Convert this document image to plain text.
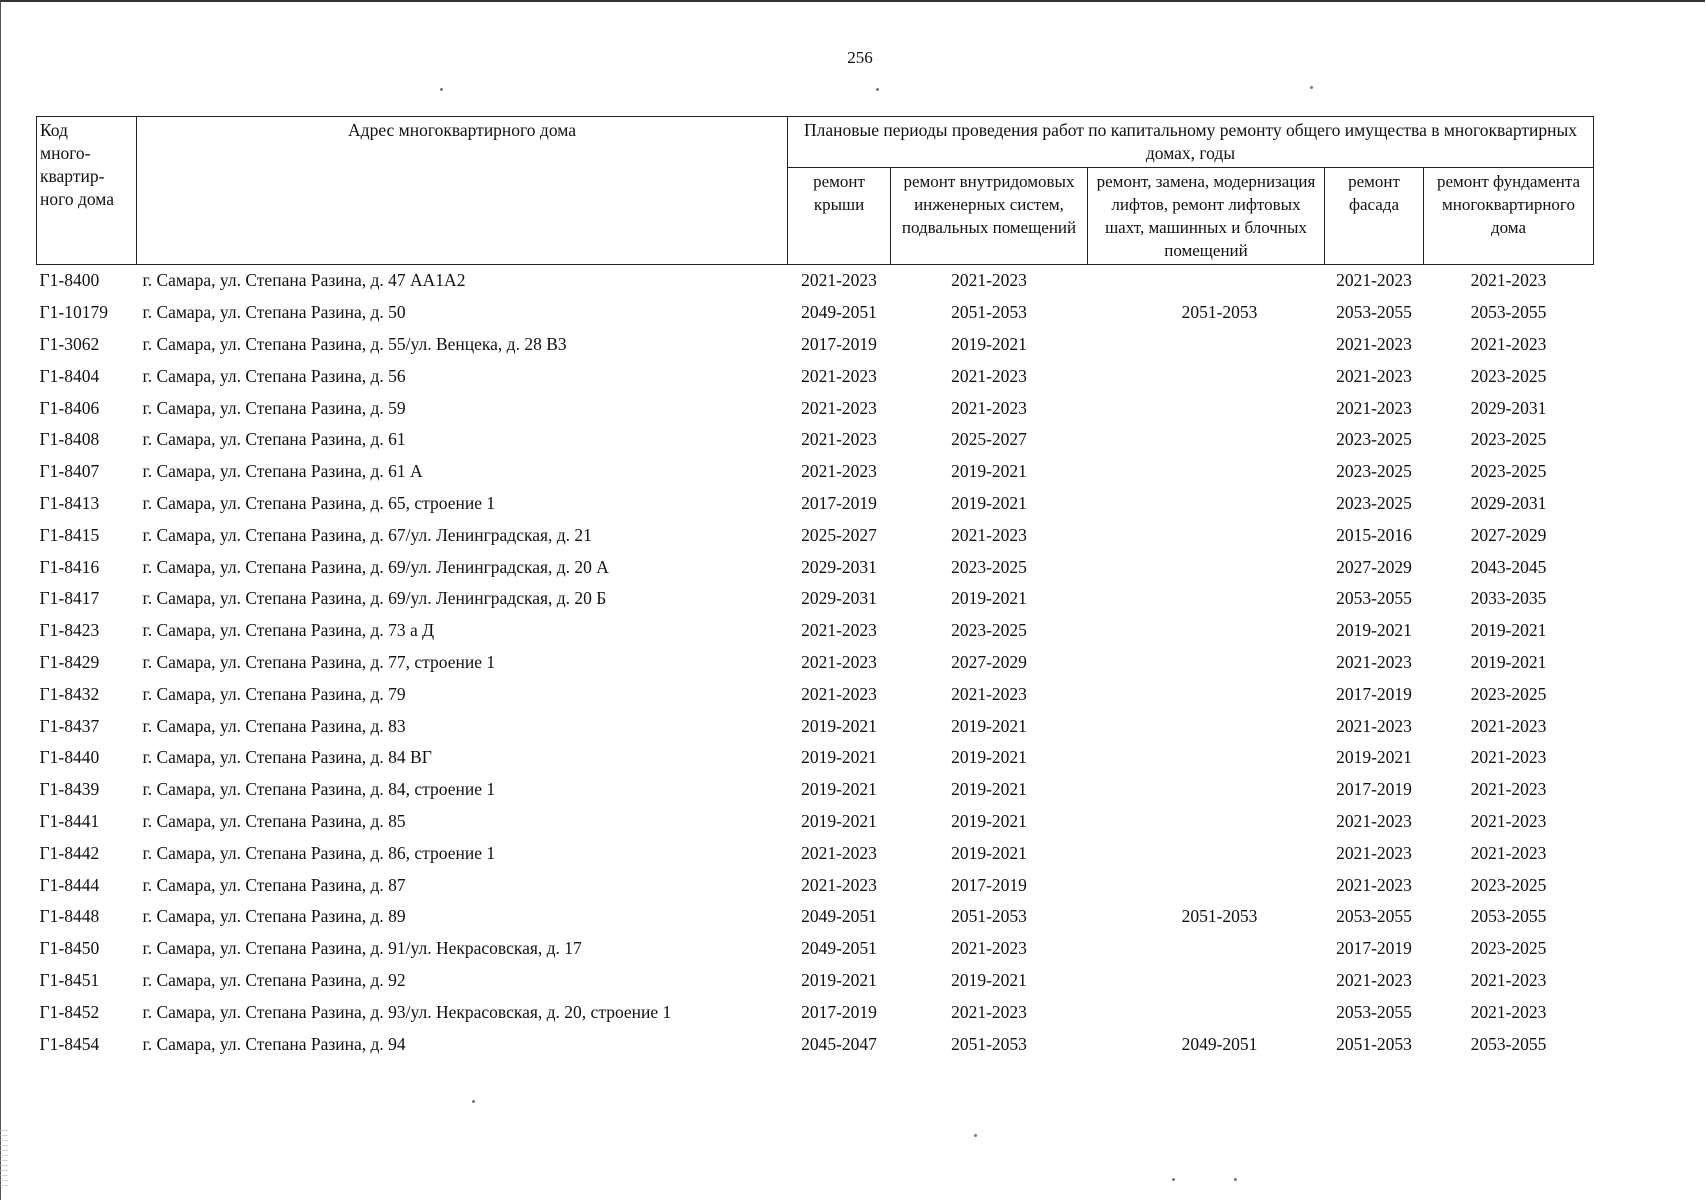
256
Код много-квартир-ного дома	Адрес многоквартирного дома	Плановые периоды проведения работ по капитальному ремонту общего имущества в многоквартирных домах, годы				

		ремонт крыши	ремонт внутридомовых инженерных систем, подвальных помещений	ремонт, замена, модернизация лифтов, ремонт лифтовых шахт, машинных и блочных помещений	ремонт фасада	ремонт фундамента многоквартирного дома
Г1-8400	г. Самара, ул. Степана Разина, д. 47 АА1А2	2021-2023	2021-2023		2021-2023	2021-2023
Г1-10179	г. Самара, ул. Степана Разина, д. 50	2049-2051	2051-2053	2051-2053	2053-2055	2053-2055
Г1-3062	г. Самара, ул. Степана Разина, д. 55/ул. Венцека, д. 28 В3	2017-2019	2019-2021		2021-2023	2021-2023
Г1-8404	г. Самара, ул. Степана Разина, д. 56	2021-2023	2021-2023		2021-2023	2023-2025
Г1-8406	г. Самара, ул. Степана Разина, д. 59	2021-2023	2021-2023		2021-2023	2029-2031
Г1-8408	г. Самара, ул. Степана Разина, д. 61	2021-2023	2025-2027		2023-2025	2023-2025
Г1-8407	г. Самара, ул. Степана Разина, д. 61 А	2021-2023	2019-2021		2023-2025	2023-2025
Г1-8413	г. Самара, ул. Степана Разина, д. 65, строение 1	2017-2019	2019-2021		2023-2025	2029-2031
Г1-8415	г. Самара, ул. Степана Разина, д. 67/ул. Ленинградская, д. 21	2025-2027	2021-2023		2015-2016	2027-2029
Г1-8416	г. Самара, ул. Степана Разина, д. 69/ул. Ленинградская, д. 20 А	2029-2031	2023-2025		2027-2029	2043-2045
Г1-8417	г. Самара, ул. Степана Разина, д. 69/ул. Ленинградская, д. 20 Б	2029-2031	2019-2021		2053-2055	2033-2035
Г1-8423	г. Самара, ул. Степана Разина, д. 73 а Д	2021-2023	2023-2025		2019-2021	2019-2021
Г1-8429	г. Самара, ул. Степана Разина, д. 77, строение 1	2021-2023	2027-2029		2021-2023	2019-2021
Г1-8432	г. Самара, ул. Степана Разина, д. 79	2021-2023	2021-2023		2017-2019	2023-2025
Г1-8437	г. Самара, ул. Степана Разина, д. 83	2019-2021	2019-2021		2021-2023	2021-2023
Г1-8440	г. Самара, ул. Степана Разина, д. 84 ВГ	2019-2021	2019-2021		2019-2021	2021-2023
Г1-8439	г. Самара, ул. Степана Разина, д. 84, строение 1	2019-2021	2019-2021		2017-2019	2021-2023
Г1-8441	г. Самара, ул. Степана Разина, д. 85	2019-2021	2019-2021		2021-2023	2021-2023
Г1-8442	г. Самара, ул. Степана Разина, д. 86, строение 1	2021-2023	2019-2021		2021-2023	2021-2023
Г1-8444	г. Самара, ул. Степана Разина, д. 87	2021-2023	2017-2019		2021-2023	2023-2025
Г1-8448	г. Самара, ул. Степана Разина, д. 89	2049-2051	2051-2053	2051-2053	2053-2055	2053-2055
Г1-8450	г. Самара, ул. Степана Разина, д. 91/ул. Некрасовская, д. 17	2049-2051	2021-2023		2017-2019	2023-2025
Г1-8451	г. Самара, ул. Степана Разина, д. 92	2019-2021	2019-2021		2021-2023	2021-2023
Г1-8452	г. Самара, ул. Степана Разина, д. 93/ул. Некрасовская, д. 20, строение 1	2017-2019	2021-2023		2053-2055	2021-2023
Г1-8454	г. Самара, ул. Степана Разина, д. 94	2045-2047	2051-2053	2049-2051	2051-2053	2053-2055
